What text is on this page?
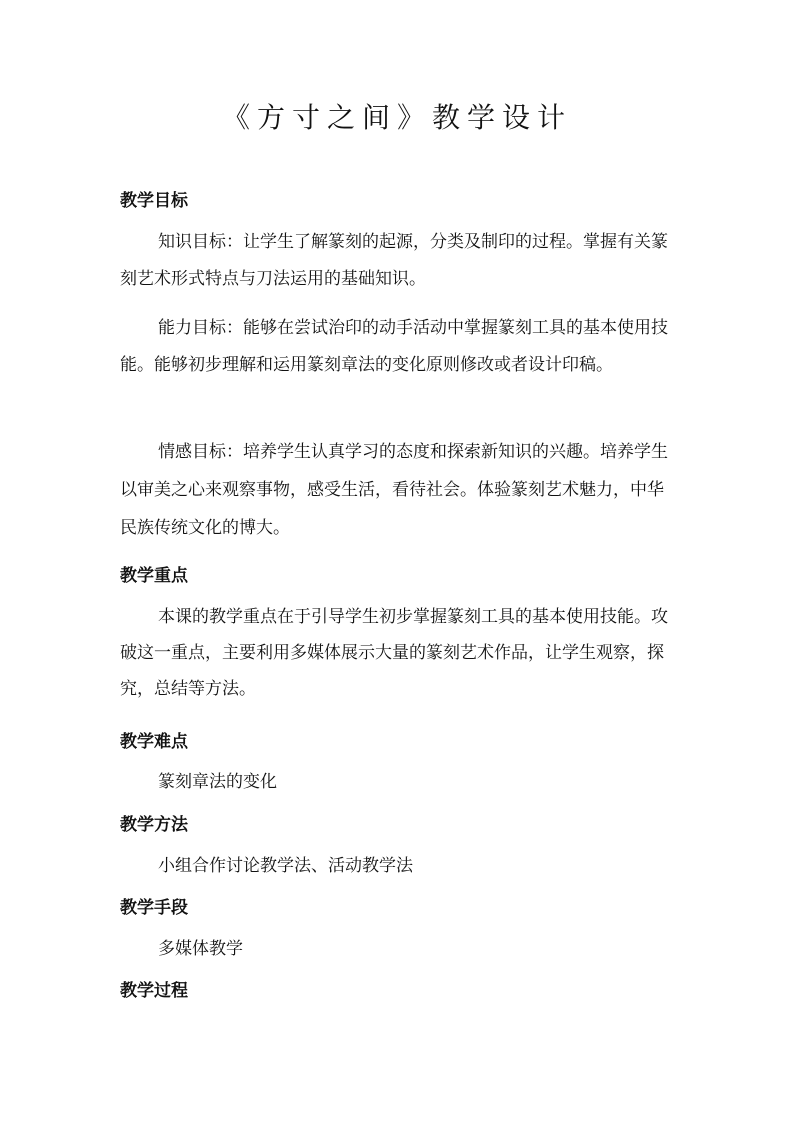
《方寸之间》教学设计
教学目标
知识目标：让学生了解篆刻的起源，分类及制印的过程。掌握有关篆刻艺术形式特点与刀法运用的基础知识。
能力目标：能够在尝试治印的动手活动中掌握篆刻工具的基本使用技能。能够初步理解和运用篆刻章法的变化原则修改或者设计印稿。
情感目标：培养学生认真学习的态度和探索新知识的兴趣。培养学生以审美之心来观察事物，感受生活，看待社会。体验篆刻艺术魅力，中华民族传统文化的博大。
教学重点
本课的教学重点在于引导学生初步掌握篆刻工具的基本使用技能。攻破这一重点，主要利用多媒体展示大量的篆刻艺术作品，让学生观察，探究，总结等方法。
教学难点
篆刻章法的变化
教学方法
小组合作讨论教学法、活动教学法
教学手段
多媒体教学
教学过程
